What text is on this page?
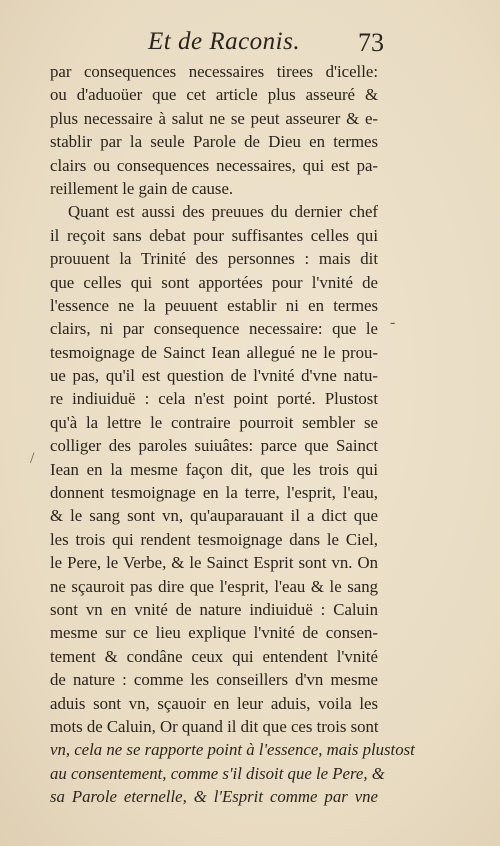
Et de Raconis. 73
par consequences necessaires tirees d'icelle:
ou d'aduoüer que cet article plus asseuré &
plus necessaire à salut ne se peut asseurer & e-
stablir par la seule Parole de Dieu en termes
clairs ou consequences necessaires, qui est pa-
reillement le gain de cause.
Quant est aussi des preuues du dernier chef
il reçoit sans debat pour suffisantes celles qui
prouuent la Trinité des personnes : mais dit
que celles qui sont apportées pour l'vnité de
l'essence ne la peuuent establir ni en termes
clairs, ni par consequence necessaire: que le
tesmoignage de Sainct Iean allegué ne le prou-
ue pas, qu'il est question de l'vnité d'vne natu-
re indiuiduë : cela n'est point porté. Plustost
qu'à la lettre le contraire pourroit sembler se
colliger des paroles suiuâtes: parce que Sainct
Iean en la mesme façon dit, que les trois qui
donnent tesmoignage en la terre, l'esprit, l'eau,
& le sang sont vn, qu'auparauant il a dict que
les trois qui rendent tesmoignage dans le Ciel,
le Pere, le Verbe, & le Sainct Esprit sont vn. On
ne sçauroit pas dire que l'esprit, l'eau & le sang
sont vn en vnité de nature indiuiduë : Caluin
mesme sur ce lieu explique l'vnité de consen-
tement & condâne ceux qui entendent l'vnité
de nature : comme les conseillers d'vn mesme
aduis sont vn, sçauoir en leur aduis, voila les
mots de Caluin, Or quand il dit que ces trois sont
vn, cela ne se rapporte point à l'essence, mais plustost
au consentement, comme s'il disoit que le Pere, &
sa Parole eternelle, & l'Esprit comme par vne
-
/
